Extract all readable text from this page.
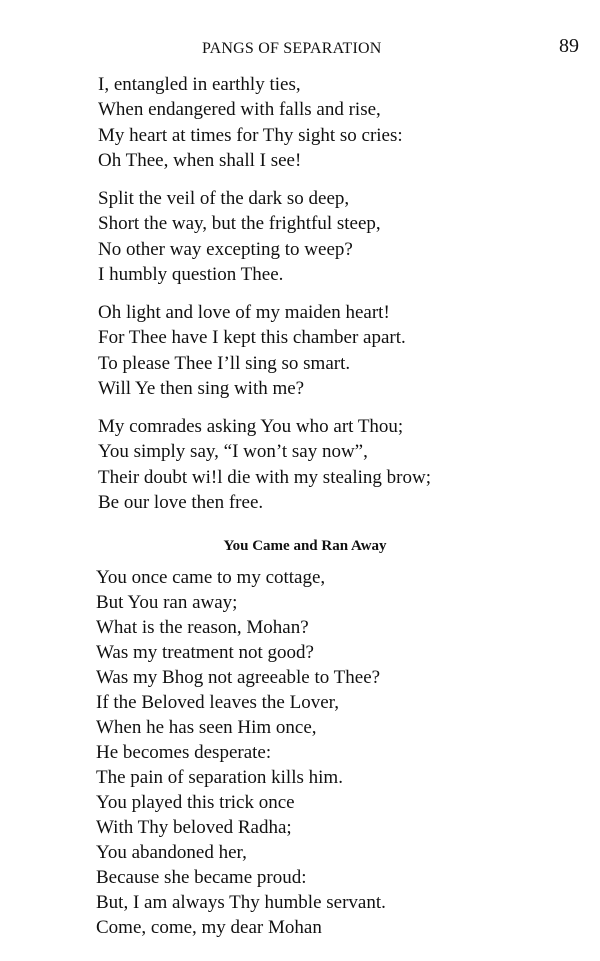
PANGS OF SEPARATION	89
I, entangled in earthly ties,
When endangered with falls and rise,
My heart at times for Thy sight so cries:
Oh Thee, when shall I see!
Split the veil of the dark so deep,
Short the way, but the frightful steep,
No other way excepting to weep?
I humbly question Thee.
Oh light and love of my maiden heart!
For Thee have I kept this chamber apart.
To please Thee I’ll sing so smart.
Will Ye then sing with me?
My comrades asking You who art Thou;
You simply say, “I won’t say now”,
Their doubt wi!l die with my stealing brow;
Be our love then free.
You Came and Ran Away
You once came to my cottage,
But You ran away;
What is the reason, Mohan?
Was my treatment not good?
Was my Bhog not agreeable to Thee?
If the Beloved leaves the Lover,
When he has seen Him once,
He becomes desperate:
The pain of separation kills him.
You played this trick once
With Thy beloved Radha;
You abandoned her,
Because she became proud:
But, I am always Thy humble servant.
Come, come, my dear Mohan
